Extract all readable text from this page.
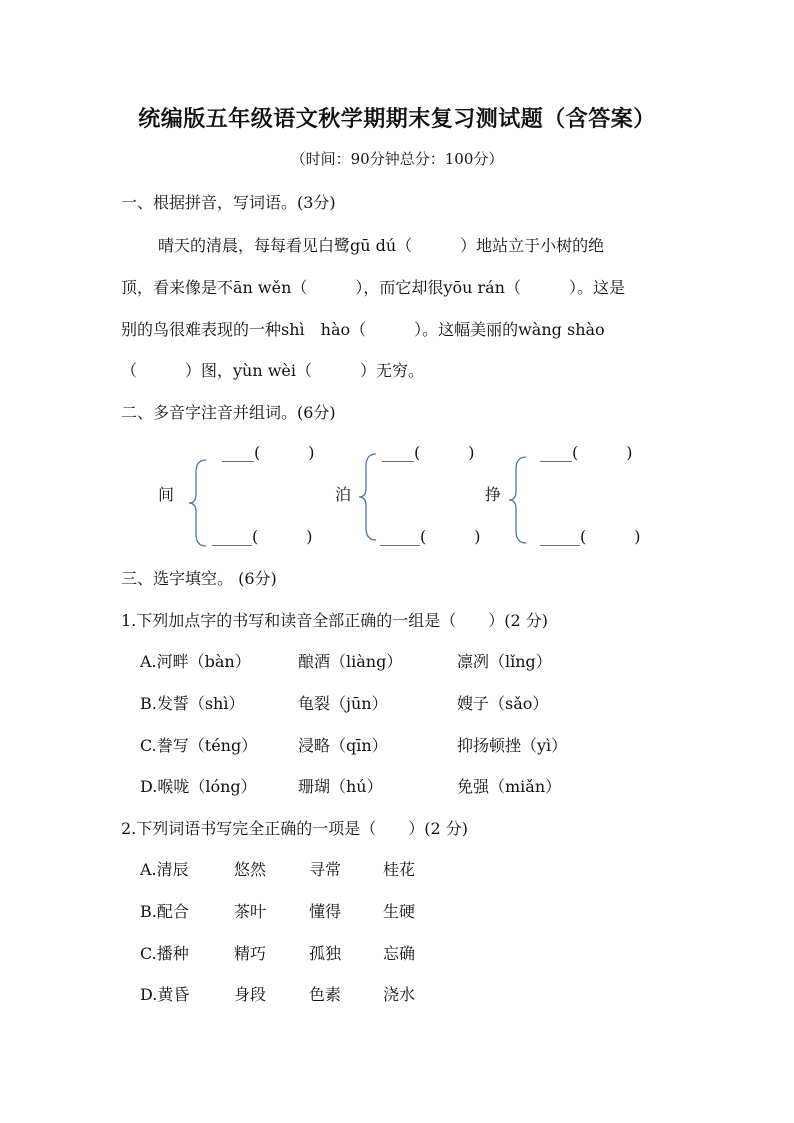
统编版五年级语文秋学期期末复习测试题（含答案）
（时间：90分钟总分：100分）
一、根据拼音，写词语。(3分)
晴天的清晨，每每看见白鹭gū dú（　　　）地站立于小树的绝
顶，看来像是不ān wěn（　　　），而它却很yōu rán（　　　）。这是
别的鸟很难表现的一种shì　hào（　　　）。这幅美丽的wàng shào
（　　　）图，yùn wèi（　　　）无穷。
二、多音字注音并组词。(6分)
间
____(　　　)
_____(　　　)
泊
____(　　　)
_____(　　　)
挣
____(　　　)
_____(　　　)
三、选字填空。 (6分)
1.下列加点字的书写和读音全部正确的一组是（　　）(2 分)
A.河畔（bàn）	酿酒（liàng）	凛冽（lǐng）
B.发誓（shì）	龟裂（jūn）	嫂子（sǎo）
C.誊写（téng）	浸略（qīn）	抑扬顿挫（yì）
D.喉咙（lóng）	珊瑚（hú）	免强（miǎn）
2.下列词语书写完全正确的一项是（　　）(2 分)
A.清辰	悠然	寻常	桂花
B.配合	茶叶	懂得	生硬
C.播种	精巧	孤独	忘确
D.黄昏	身段	色素	浇水
